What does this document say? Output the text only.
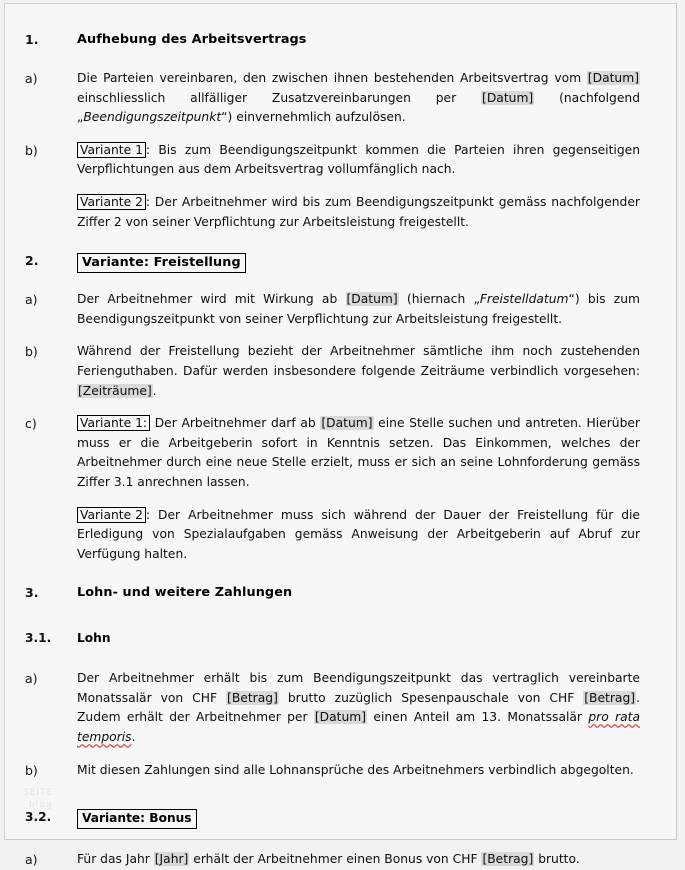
1.	Aufhebung des Arbeitsvertrags
a)	Die Parteien vereinbaren, den zwischen ihnen bestehenden Arbeitsvertrag vom [Datum] einschliesslich allfälliger Zusatzvereinbarungen per [Datum] (nachfolgend „Beendigungszeitpunkt“) einvernehmlich aufzulösen.
b)	Variante 1 : Bis zum Beendigungszeitpunkt kommen die Parteien ihren gegenseitigen Verpflichtungen aus dem Arbeitsvertrag vollumfänglich nach.
Variante 2 : Der Arbeitnehmer wird bis zum Beendigungszeitpunkt gemäss nachfolgender Ziffer 2 von seiner Verpflichtung zur Arbeitsleistung freigestellt.
2.	Variante: Freistellung
a)	Der Arbeitnehmer wird mit Wirkung ab [Datum] (hiernach „Freistelldatum“) bis zum Beendigungszeitpunkt von seiner Verpflichtung zur Arbeitsleistung freigestellt.
b)	Während der Freistellung bezieht der Arbeitnehmer sämtliche ihm noch zustehenden Ferienguthaben. Dafür werden insbesondere folgende Zeiträume verbindlich vorgesehen: [Zeiträume].
c)	Variante 1: Der Arbeitnehmer darf ab [Datum] eine Stelle suchen und antreten. Hierüber muss er die Arbeitgeberin sofort in Kenntnis setzen. Das Einkommen, welches der Arbeitnehmer durch eine neue Stelle erzielt, muss er sich an seine Lohnforderung gemäss Ziffer 3.1 anrechnen lassen.
Variante 2 : Der Arbeitnehmer muss sich während der Dauer der Freistellung für die Erledigung von Spezialaufgaben gemäss Anweisung der Arbeitgeberin auf Abruf zur Verfügung halten.
3.	Lohn- und weitere Zahlungen
3.1.	Lohn
a)	Der Arbeitnehmer erhält bis zum Beendigungszeitpunkt das vertraglich vereinbarte Monatssalär von CHF [Betrag] brutto zuzüglich Spesenpauschale von CHF [Betrag]. Zudem erhält der Arbeitnehmer per [Datum] einen Anteil am 13. Monatssalär pro rata temporis.
b)	Mit diesen Zahlungen sind alle Lohnansprüche des Arbeitnehmers verbindlich abgegolten.
3.2.	Variante: Bonus
a)	Für das Jahr [Jahr] erhält der Arbeitnehmer einen Bonus von CHF [Betrag] brutto.
SEITE
blog
